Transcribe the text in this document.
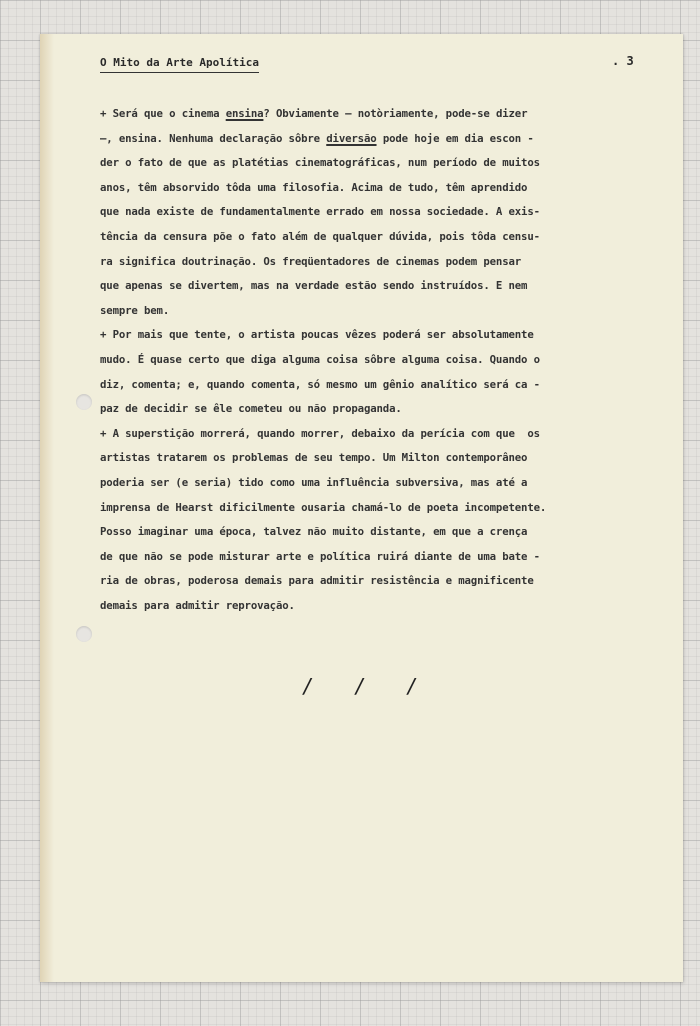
O Mito da Arte Apolítica	. 3
+ Será que o cinema ensina? Obviamente — notòriamente, pode-se dizer
—, ensina. Nenhuma declaração sôbre diversão pode hoje em dia escon -
der o fato de que as platétias cinematográficas, num período de muitos
anos, têm absorvido tôda uma filosofia. Acima de tudo, têm aprendido
que nada existe de fundamentalmente errado em nossa sociedade. A exis-
tência da censura põe o fato além de qualquer dúvida, pois tôda censu-
ra significa doutrinação. Os freqüentadores de cinemas podem pensar
que apenas se divertem, mas na verdade estão sendo instruídos. E nem
sempre bem.
+ Por mais que tente, o artista poucas vêzes poderá ser absolutamente
mudo. É quase certo que diga alguma coisa sôbre alguma coisa. Quando o
diz, comenta; e, quando comenta, só mesmo um gênio analítico será ca -
paz de decidir se êle cometeu ou não propaganda.
+ A superstição morrerá, quando morrer, debaixo da perícia com que  os
artistas tratarem os problemas de seu tempo. Um Milton contemporâneo
poderia ser (e seria) tido como uma influência subversiva, mas até a
imprensa de Hearst dificilmente ousaria chamá-lo de poeta incompetente.
Posso imaginar uma época, talvez não muito distante, em que a crença
de que não se pode misturar arte e política ruirá diante de uma bate -
ria de obras, poderosa demais para admitir resistência e magnificente
demais para admitir reprovação.
/ / /
